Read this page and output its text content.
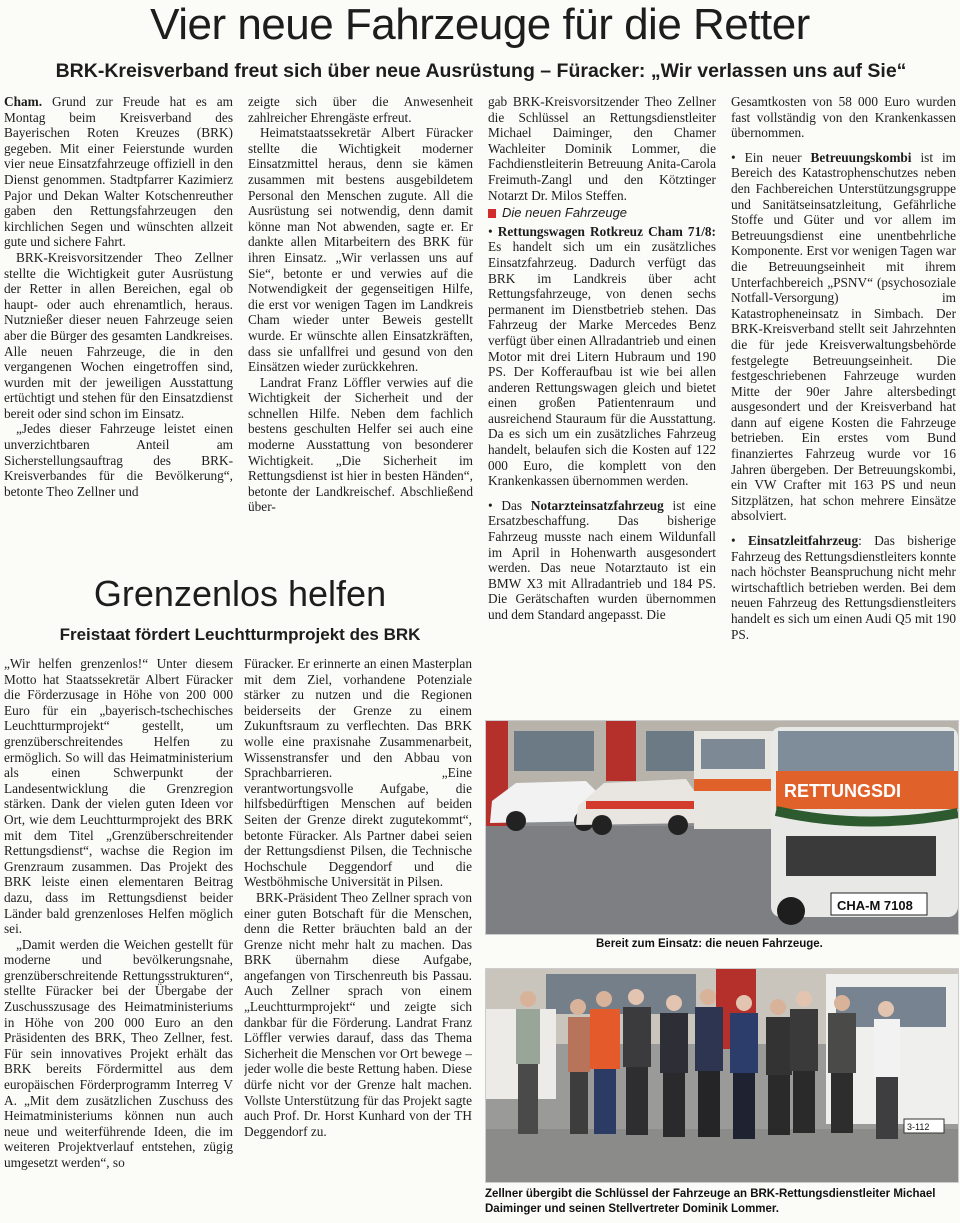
Vier neue Fahrzeuge für die Retter
BRK-Kreisverband freut sich über neue Ausrüstung – Füracker: „Wir verlassen uns auf Sie“

Cham. Grund zur Freude hat es am Montag beim Kreisverband des Bayerischen Roten Kreuzes (BRK) gegeben. Mit einer Feierstunde wurden vier neue Einsatzfahrzeuge offiziell in den Dienst genommen. Stadtpfarrer Kazimierz Pajor und Dekan Walter Kotschenreuther gaben den Rettungsfahrzeugen den kirchlichen Segen und wünschten allzeit gute und sichere Fahrt.

BRK-Kreisvorsitzender Theo Zellner stellte die Wichtigkeit guter Ausrüstung der Retter in allen Bereichen, egal ob haupt- oder auch ehrenamtlich, heraus. Nutznießer dieser neuen Fahrzeuge seien aber die Bürger des gesamten Landkreises. Alle neuen Fahrzeuge, die in den vergangenen Wochen eingetroffen sind, wurden mit der jeweiligen Ausstattung ertüchtigt und stehen für den Einsatzdienst bereit oder sind schon im Einsatz.

„Jedes dieser Fahrzeuge leistet einen unverzichtbaren Anteil am Sicherstellungsauftrag des BRK-Kreisverbandes für die Bevölkerung“, betonte Theo Zellner und

zeigte sich über die Anwesenheit zahlreicher Ehrengäste erfreut.

Heimatstaatssekretär Albert Füracker stellte die Wichtigkeit moderner Einsatzmittel heraus, denn sie kämen zusammen mit bestens ausgebildetem Personal den Menschen zugute. All die Ausrüstung sei notwendig, denn damit könne man Not abwenden, sagte er. Er dankte allen Mitarbeitern des BRK für ihren Einsatz. „Wir verlassen uns auf Sie“, betonte er und verwies auf die Notwendigkeit der gegenseitigen Hilfe, die erst vor wenigen Tagen im Landkreis Cham wieder unter Beweis gestellt wurde. Er wünschte allen Einsatzkräften, dass sie unfallfrei und gesund von den Einsätzen wieder zurückkehren.

Landrat Franz Löffler verwies auf die Wichtigkeit der Sicherheit und der schnellen Hilfe. Neben dem fachlich bestens geschulten Helfer sei auch eine moderne Ausstattung von besonderer Wichtigkeit. „Die Sicherheit im Rettungsdienst ist hier in besten Händen“, betonte der Landkreischef. Abschließend über-

gab BRK-Kreisvorsitzender Theo Zellner die Schlüssel an Rettungsdienstleiter Michael Daiminger, den Chamer Wachleiter Dominik Lommer, die Fachdienstleiterin Betreuung Anita-Carola Freimuth-Zangl und den Kötztinger Notarzt Dr. Milos Steffen.

Die neuen Fahrzeuge

• Rettungswagen Rotkreuz Cham 71/8: Es handelt sich um ein zusätzliches Einsatzfahrzeug. Dadurch verfügt das BRK im Landkreis über acht Rettungsfahrzeuge, von denen sechs permanent im Dienstbetrieb stehen. Das Fahrzeug der Marke Mercedes Benz verfügt über einen Allradantrieb und einen Motor mit drei Litern Hubraum und 190 PS. Der Kofferaufbau ist wie bei allen anderen Rettungswagen gleich und bietet einen großen Patientenraum und ausreichend Stauraum für die Ausstattung. Da es sich um ein zusätzliches Fahrzeug handelt, belaufen sich die Kosten auf 122 000 Euro, die komplett von den Krankenkassen übernommen werden.

• Das Notarzteinsatzfahrzeug ist eine Ersatzbeschaffung. Das bisherige Fahrzeug musste nach einem Wildunfall im April in Hohenwarth ausgesondert werden. Das neue Notarztauto ist ein BMW X3 mit Allradantrieb und 184 PS. Die Gerätschaften wurden übernommen und dem Standard angepasst. Die

Gesamtkosten von 58 000 Euro wurden fast vollständig von den Krankenkassen übernommen.

• Ein neuer Betreuungskombi ist im Bereich des Katastrophenschutzes neben den Fachbereichen Unterstützungsgruppe und Sanitätseinsatzleitung, Gefährliche Stoffe und Güter und vor allem im Betreuungsdienst eine unentbehrliche Komponente. Erst vor wenigen Tagen war die Betreuungseinheit mit ihrem Unterfachbereich „PSNV“ (psychosoziale Notfall-Versorgung) im Katastropheneinsatz in Simbach. Der BRK-Kreisverband stellt seit Jahrzehnten die für jede Kreisverwaltungsbehörde festgelegte Betreuungseinheit. Die festgeschriebenen Fahrzeuge wurden Mitte der 90er Jahre altersbedingt ausgesondert und der Kreisverband hat dann auf eigene Kosten die Fahrzeuge betrieben. Ein erstes vom Bund finanziertes Fahrzeug wurde vor 16 Jahren übergeben. Der Betreuungskombi, ein VW Crafter mit 163 PS und neun Sitzplätzen, hat schon mehrere Einsätze absolviert.

• Einsatzleitfahrzeug: Das bisherige Fahrzeug des Rettungsdienstleiters konnte nach höchster Beanspruchung nicht mehr wirtschaftlich betrieben werden. Bei dem neuen Fahrzeug des Rettungsdienstleiters handelt es sich um einen Audi Q5 mit 190 PS.

Grenzenlos helfen
Freistaat fördert Leuchtturmprojekt des BRK

„Wir helfen grenzenlos!“ Unter diesem Motto hat Staatssekretär Albert Füracker die Förderzusage in Höhe von 200 000 Euro für ein „bayerisch-tschechisches Leuchtturmprojekt“ gestellt, um grenzüberschreitendes Helfen zu ermöglich. So will das Heimatministerium als einen Schwerpunkt der Landesentwicklung die Grenzregion stärken. Dank der vielen guten Ideen vor Ort, wie dem Leuchtturmprojekt des BRK mit dem Titel „Grenzüberschreitender Rettungsdienst“, wachse die Region im Grenzraum zusammen. Das Projekt des BRK leiste einen elementaren Beitrag dazu, dass im Rettungsdienst beider Länder bald grenzenloses Helfen möglich sei.

„Damit werden die Weichen gestellt für moderne und bevölkerungsnahe, grenzüberschreitende Rettungsstrukturen“, stellte Füracker bei der Übergabe der Zuschusszusage des Heimatministeriums in Höhe von 200 000 Euro an den Präsidenten des BRK, Theo Zellner, fest. Für sein innovatives Projekt erhält das BRK bereits Fördermittel aus dem europäischen Förderprogramm Interreg V A. „Mit dem zusätzlichen Zuschuss des Heimatministeriums können nun auch neue und weiterführende Ideen, die im weiteren Projektverlauf entstehen, zügig umgesetzt werden“, so

Füracker. Er erinnerte an einen Masterplan mit dem Ziel, vorhandene Potenziale stärker zu nutzen und die Regionen beiderseits der Grenze zu einem Zukunftsraum zu verflechten. Das BRK wolle eine praxisnahe Zusammenarbeit, Wissenstransfer und den Abbau von Sprachbarrieren. „Eine verantwortungsvolle Aufgabe, die hilfsbedürftigen Menschen auf beiden Seiten der Grenze direkt zugutekommt“, betonte Füracker. Als Partner dabei seien der Rettungsdienst Pilsen, die Technische Hochschule Deggendorf und die Westböhmische Universität in Pilsen.

BRK-Präsident Theo Zellner sprach von einer guten Botschaft für die Menschen, denn die Retter bräuchten bald an der Grenze nicht mehr halt zu machen. Das BRK übernahm diese Aufgabe, angefangen von Tirschenreuth bis Passau. Auch Zellner sprach von einem „Leuchtturmprojekt“ und zeigte sich dankbar für die Förderung. Landrat Franz Löffler verwies darauf, dass das Thema Sicherheit die Menschen vor Ort bewege – jeder wolle die beste Rettung haben. Diese dürfe nicht vor der Grenze halt machen. Vollste Unterstützung für das Projekt sagte auch Prof. Dr. Horst Kunhard von der TH Deggendorf zu.

RETTUNGSDI
CHA-M 7108
Bereit zum Einsatz: die neuen Fahrzeuge.
3-112
Zellner übergibt die Schlüssel der Fahrzeuge an BRK-Rettungsdienstleiter Michael Daiminger und seinen Stellvertreter Dominik Lommer.
